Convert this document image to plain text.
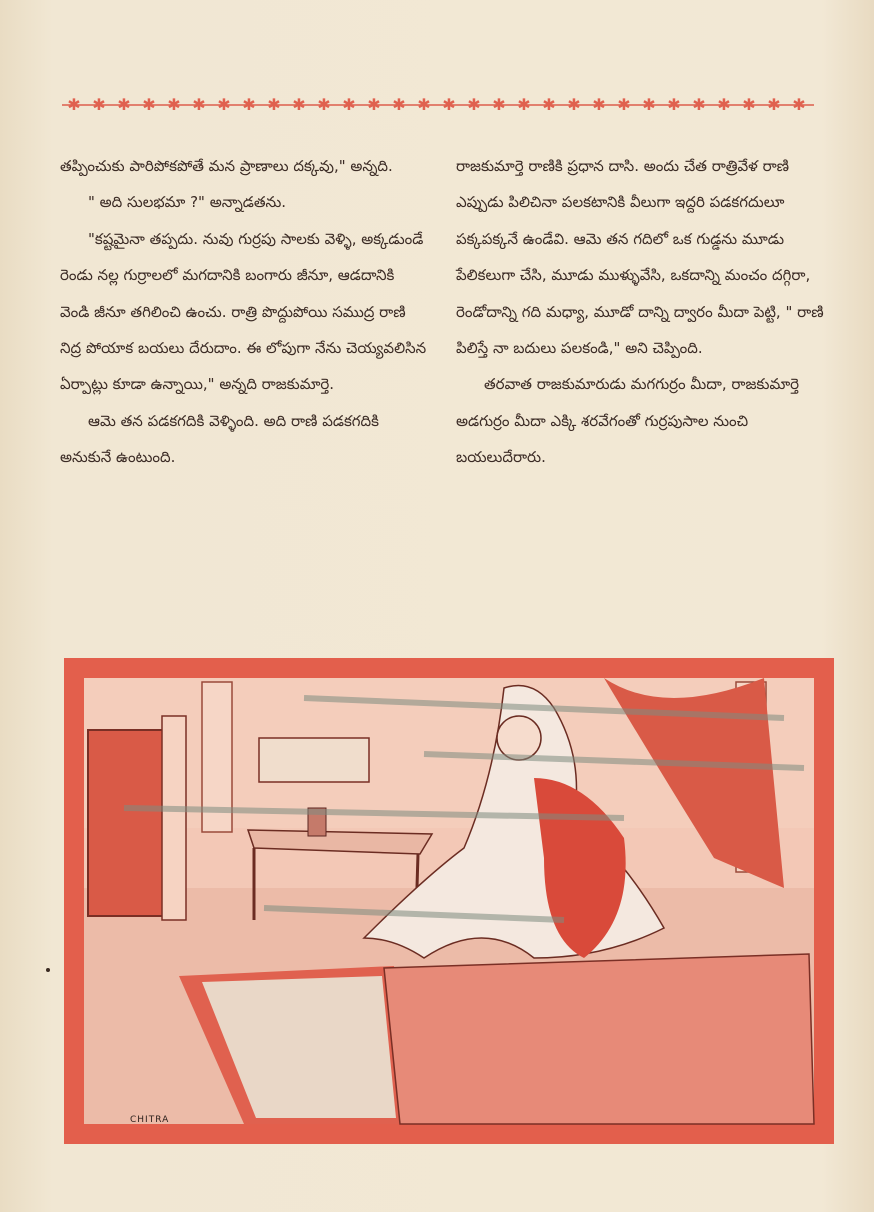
✱ ✱ ✱ ✱ ✱ ✱ ✱ ✱ ✱ ✱ ✱ ✱ ✱ ✱ ✱ ✱ ✱ ✱ ✱ ✱ ✱ ✱ ✱ ✱ ✱ ✱ ✱ ✱ ✱ ✱

తప్పించుకు పారిపోకపోతే మన ప్రాణాలు దక్కవు," అన్నది.

" అది సులభమా ?" అన్నాడతను.

"కష్టమైనా తప్పదు. నువు గుర్రపు సాలకు వెళ్ళి, అక్కడుండే రెండు నల్ల గుర్రాలలో మగదానికి బంగారు జీనూ, ఆడదానికి వెండి జీనూ తగిలించి ఉంచు. రాత్రి పొద్దుపోయి సముద్ర రాణి నిద్ర పోయాక బయలు దేరుదాం. ఈ లోపుగా నేను చెయ్యవలిసిన ఏర్పాట్లు కూడా ఉన్నాయి," అన్నది రాజకుమార్తె.

ఆమె తన పడకగదికి వెళ్ళింది. అది రాణి పడకగదికి అనుకునే ఉంటుంది.

రాజకుమార్తె రాణికి ప్రధాన దాసి. అందు చేత రాత్రివేళ రాణి ఎప్పుడు పిలిచినా పలకటానికి వీలుగా ఇద్దరి పడకగదులూ పక్కపక్కనే ఉండేవి. ఆమె తన గదిలో ఒక గుడ్డను మూడు పేలికలుగా చేసి, మూడు ముళ్ళువేసి, ఒకదాన్ని మంచం దగ్గిరా, రెండోదాన్ని గది మధ్యా, మూడో దాన్ని ద్వారం మీదా పెట్టి, " రాణి పిలిస్తే నా బదులు పలకండి," అని చెప్పింది.

తరవాత రాజకుమారుడు మగగుర్రం మీదా, రాజకుమార్తె అడగుర్రం మీదా ఎక్కి శరవేగంతో గుర్రపుసాల నుంచి బయలుదేరారు.

CHITRA
